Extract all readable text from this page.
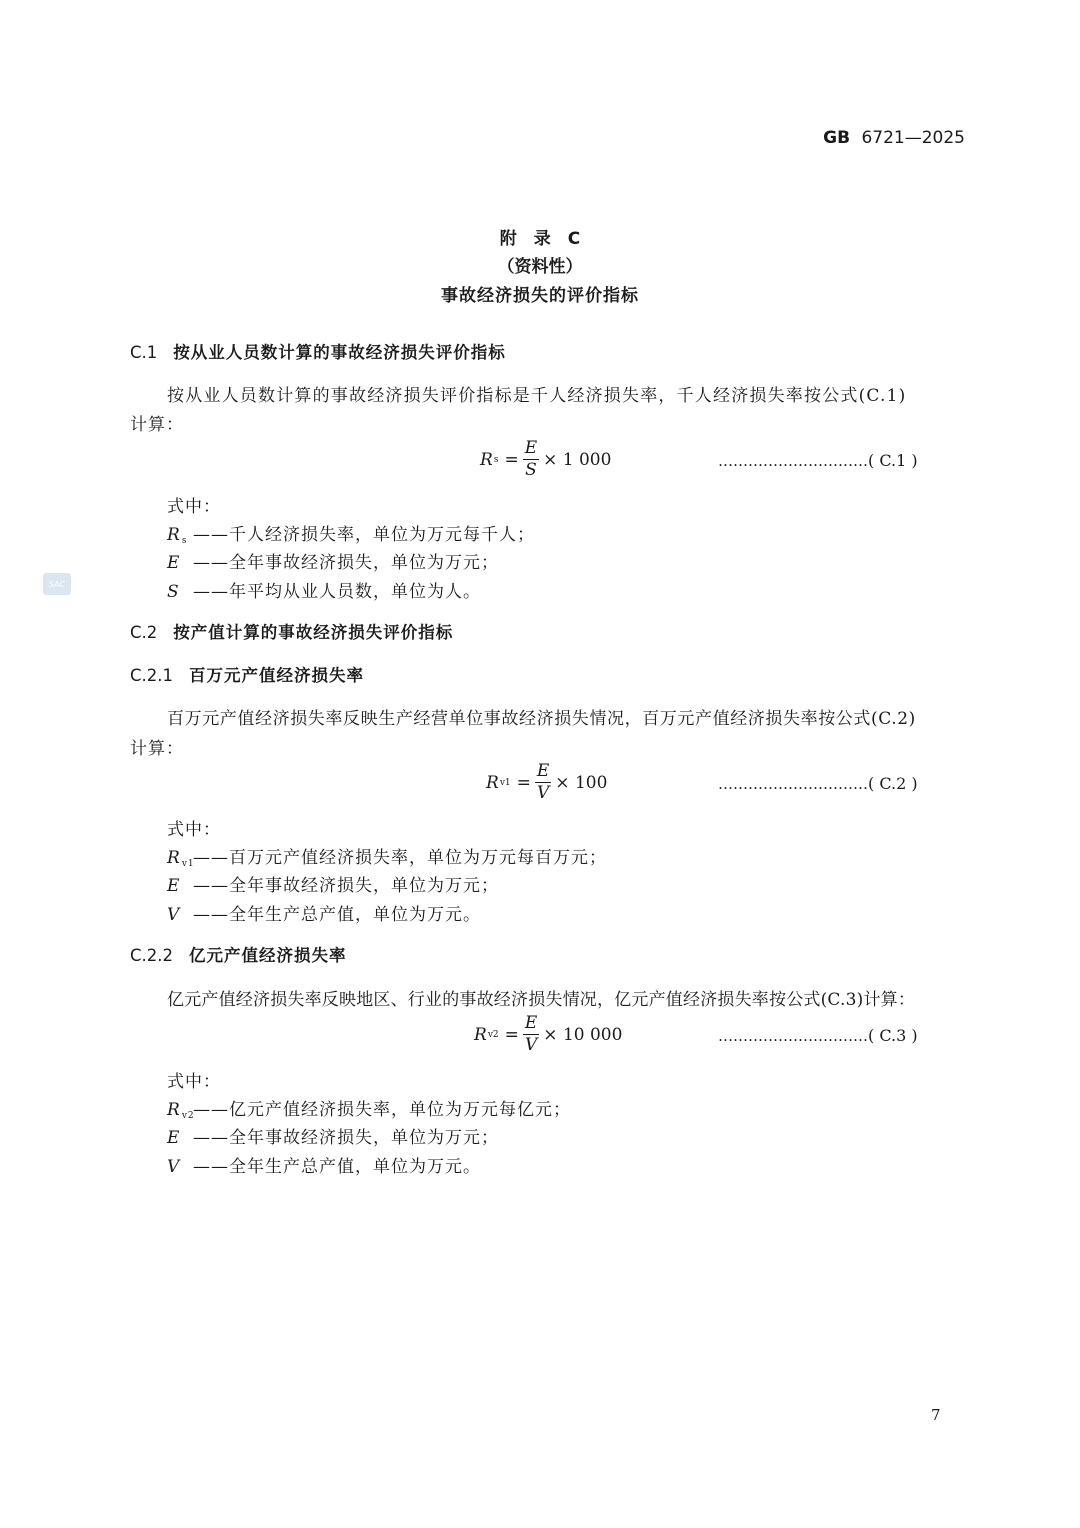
GB 6721—2025
附　录　C
（资料性）
事故经济损失的评价指标
C.1 按从业人员数计算的事故经济损失评价指标
按从业人员数计算的事故经济损失评价指标是千人经济损失率，千人经济损失率按公式(C.1)
计算：
R $s = \frac{E}{S} \times 1$ 000	…………………………( C.1 )
式中：
$R_s$ ——千人经济损失率，单位为万元每千人；
E ——全年事故经济损失，单位为万元；
S ——年平均从业人员数，单位为人。
SAC
C.2 按产值计算的事故经济损失评价指标
C.2.1 百万元产值经济损失率
百万元产值经济损失率反映生产经营单位事故经济损失情况，百万元产值经济损失率按公式(C.2)
计算：
R $v1 = \frac{E}{V} \times 100$	…………………………( C.2 )
式中：
$R_{v1}——$百万元产值经济损失率，单位为万元每百万元；
E ——全年事故经济损失，单位为万元；
V ——全年生产总产值，单位为万元。
C.2.2 亿元产值经济损失率
亿元产值经济损失率反映地区、行业的事故经济损失情况，亿元产值经济损失率按公式(C.3)计算：
R $v2 = \frac{E}{V} \times 10$ 000	…………………………( C.3 )
式中：
$R_{v2}——$亿元产值经济损失率，单位为万元每亿元；
E ——全年事故经济损失，单位为万元；
V ——全年生产总产值，单位为万元。
7
